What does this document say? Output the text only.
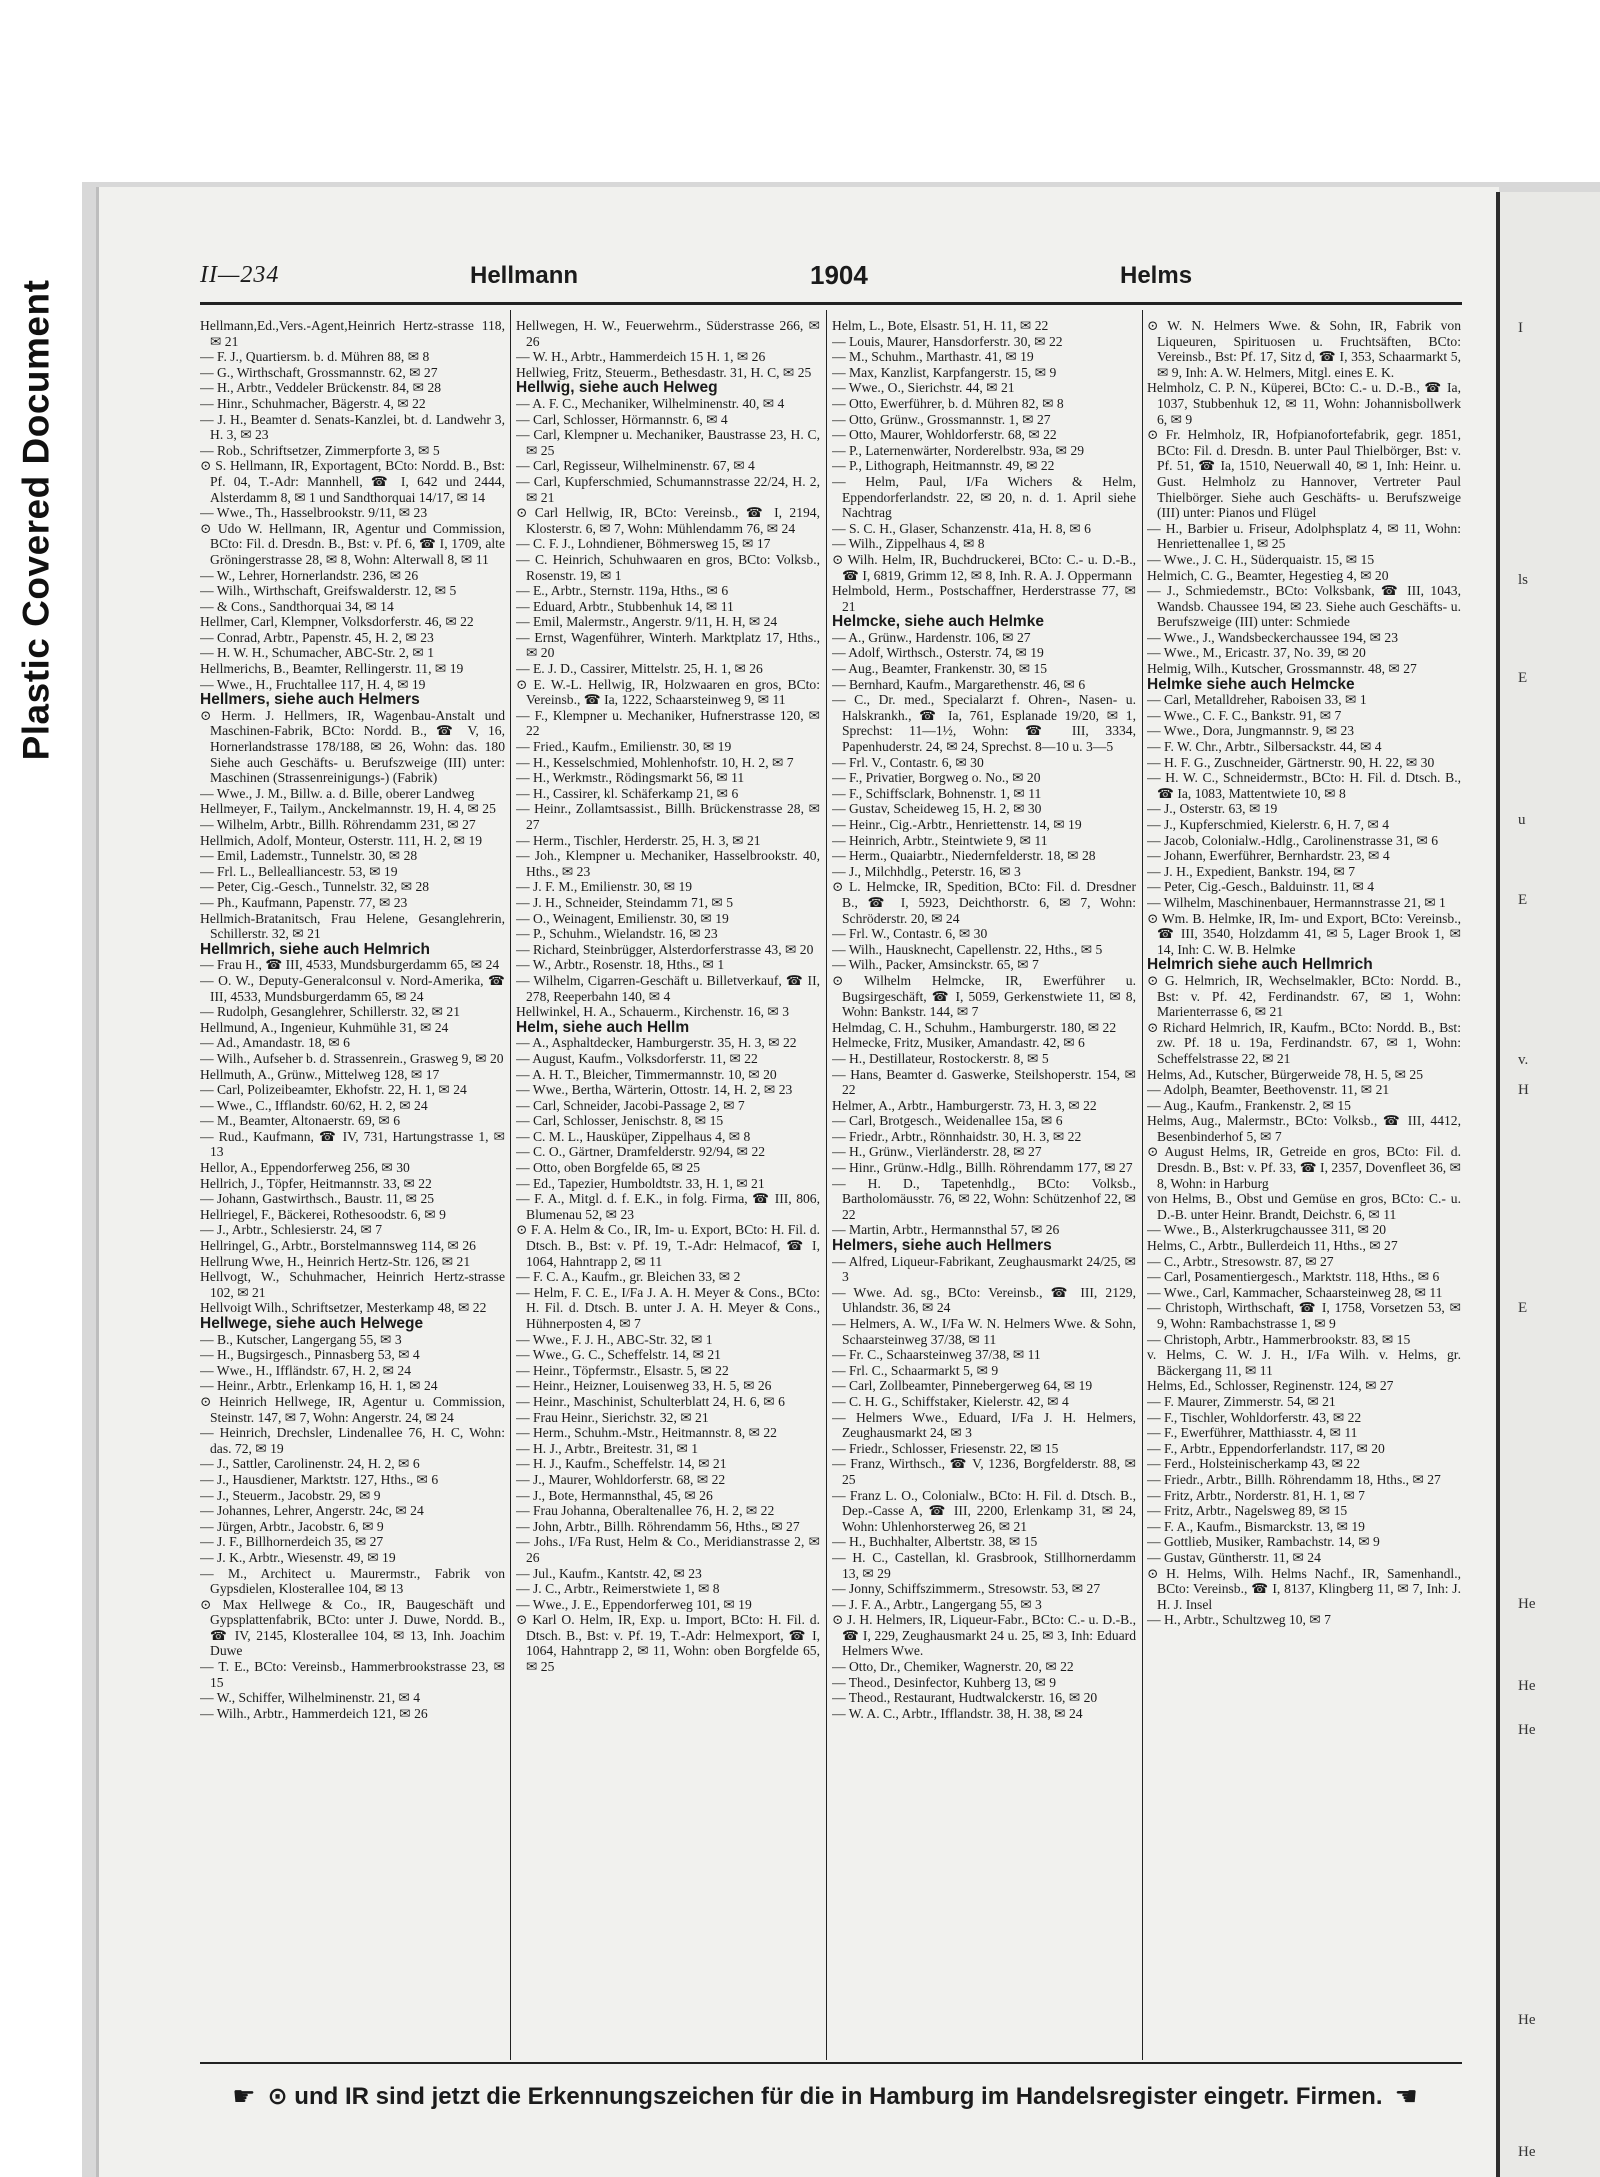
Plastic Covered Document	I
ls
E
u
E
v.
H
E
He
He
He
He
He
II—234	Hellmann	1904	Helms

Hellmann,Ed.,Vers.-Agent,Heinrich Hertz-strasse 118, ✉ 21

— F. J., Quartiersm. b. d. Mühren 88, ✉ 8

— G., Wirthschaft, Grossmannstr. 62, ✉ 27

— H., Arbtr., Veddeler Brückenstr. 84, ✉ 28

— Hinr., Schuhmacher, Bägerstr. 4, ✉ 22

— J. H., Beamter d. Senats-Kanzlei, bt. d. Landwehr 3, H. 3, ✉ 23

— Rob., Schriftsetzer, Zimmerpforte 3, ✉ 5

⊙ S. Hellmann, IR, Exportagent, BCto: Nordd. B., Bst: Pf. 04, T.-Adr: Mannhell, ☎ I, 642 und 2444, Alsterdamm 8, ✉ 1 und Sandthorquai 14/17, ✉ 14

— Wwe., Th., Hasselbrookstr. 9/11, ✉ 23

⊙ Udo W. Hellmann, IR, Agentur und Commission, BCto: Fil. d. Dresdn. B., Bst: v. Pf. 6, ☎ I, 1709, alte Gröningerstrasse 28, ✉ 8, Wohn: Alterwall 8, ✉ 11

— W., Lehrer, Hornerlandstr. 236, ✉ 26

— Wilh., Wirthschaft, Greifswalderstr. 12, ✉ 5

— & Cons., Sandthorquai 34, ✉ 14

Hellmer, Carl, Klempner, Volksdorferstr. 46, ✉ 22

— Conrad, Arbtr., Papenstr. 45, H. 2, ✉ 23

— H. W. H., Schumacher, ABC-Str. 2, ✉ 1

Hellmerichs, B., Beamter, Rellingerstr. 11, ✉ 19

— Wwe., H., Fruchtallee 117, H. 4, ✉ 19

Hellmers, siehe auch Helmers

⊙ Herm. J. Hellmers, IR, Wagenbau-Anstalt und Maschinen-Fabrik, BCto: Nordd. B., ☎ V, 16, Hornerlandstrasse 178/188, ✉ 26, Wohn: das. 180 Siehe auch Geschäfts- u. Berufszweige (III) unter: Maschinen (Strassenreinigungs-) (Fabrik)

— Wwe., J. M., Billw. a. d. Bille, oberer Landweg

Hellmeyer, F., Tailym., Anckelmannstr. 19, H. 4, ✉ 25

— Wilhelm, Arbtr., Billh. Röhrendamm 231, ✉ 27

Hellmich, Adolf, Monteur, Osterstr. 111, H. 2, ✉ 19

— Emil, Lademstr., Tunnelstr. 30, ✉ 28

— Frl. L., Bellealliancestr. 53, ✉ 19

— Peter, Cig.-Gesch., Tunnelstr. 32, ✉ 28

— Ph., Kaufmann, Papenstr. 77, ✉ 23

Hellmich-Bratanitsch, Frau Helene, Gesanglehrerin, Schillerstr. 32, ✉ 21

Hellmrich, siehe auch Helmrich

— Frau H., ☎ III, 4533, Mundsburgerdamm 65, ✉ 24

— O. W., Deputy-Generalconsul v. Nord-Amerika, ☎ III, 4533, Mundsburgerdamm 65, ✉ 24

— Rudolph, Gesanglehrer, Schillerstr. 32, ✉ 21

Hellmund, A., Ingenieur, Kuhmühle 31, ✉ 24

— Ad., Amandastr. 18, ✉ 6

— Wilh., Aufseher b. d. Strassenrein., Grasweg 9, ✉ 20

Hellmuth, A., Grünw., Mittelweg 128, ✉ 17

— Carl, Polizeibeamter, Ekhofstr. 22, H. 1, ✉ 24

— Wwe., C., Ifflandstr. 60/62, H. 2, ✉ 24

— M., Beamter, Altonaerstr. 69, ✉ 6

— Rud., Kaufmann, ☎ IV, 731, Hartungstrasse 1, ✉ 13

Hellor, A., Eppendorferweg 256, ✉ 30

Hellrich, J., Töpfer, Heitmannstr. 33, ✉ 22

— Johann, Gastwirthsch., Baustr. 11, ✉ 25

Hellriegel, F., Bäckerei, Rothesoodstr. 6, ✉ 9

— J., Arbtr., Schlesierstr. 24, ✉ 7

Hellringel, G., Arbtr., Borstelmannsweg 114, ✉ 26

Hellrung Wwe, H., Heinrich Hertz-Str. 126, ✉ 21

Hellvogt, W., Schuhmacher, Heinrich Hertz-strasse 102, ✉ 21

Hellvoigt Wilh., Schriftsetzer, Mesterkamp 48, ✉ 22

Hellwege, siehe auch Helwege

— B., Kutscher, Langergang 55, ✉ 3

— H., Bugsirgesch., Pinnasberg 53, ✉ 4

— Wwe., H., Iffländstr. 67, H. 2, ✉ 24

— Heinr., Arbtr., Erlenkamp 16, H. 1, ✉ 24

⊙ Heinrich Hellwege, IR, Agentur u. Commission, Steinstr. 147, ✉ 7, Wohn: Angerstr. 24, ✉ 24

— Heinrich, Drechsler, Lindenallee 76, H. C, Wohn: das. 72, ✉ 19

— J., Sattler, Carolinenstr. 24, H. 2, ✉ 6

— J., Hausdiener, Marktstr. 127, Hths., ✉ 6

— J., Steuerm., Jacobstr. 29, ✉ 9

— Johannes, Lehrer, Angerstr. 24c, ✉ 24

— Jürgen, Arbtr., Jacobstr. 6, ✉ 9

— J. F., Billhornerdeich 35, ✉ 27

— J. K., Arbtr., Wiesenstr. 49, ✉ 19

— M., Architect u. Maurermstr., Fabrik von Gypsdielen, Klosterallee 104, ✉ 13

⊙ Max Hellwege & Co., IR, Baugeschäft und Gypsplattenfabrik, BCto: unter J. Duwe, Nordd. B., ☎ IV, 2145, Klosterallee 104, ✉ 13, Inh. Joachim Duwe

— T. E., BCto: Vereinsb., Hammerbrookstrasse 23, ✉ 15

— W., Schiffer, Wilhelminenstr. 21, ✉ 4

— Wilh., Arbtr., Hammerdeich 121, ✉ 26

Hellwegen, H. W., Feuerwehrm., Süderstrasse 266, ✉ 26

— W. H., Arbtr., Hammerdeich 15 H. 1, ✉ 26

Hellwieg, Fritz, Steuerm., Bethesdastr. 31, H. C, ✉ 25

Hellwig, siehe auch Helweg

— A. F. C., Mechaniker, Wilhelminenstr. 40, ✉ 4

— Carl, Schlosser, Hörmannstr. 6, ✉ 4

— Carl, Klempner u. Mechaniker, Baustrasse 23, H. C, ✉ 25

— Carl, Regisseur, Wilhelminenstr. 67, ✉ 4

— Carl, Kupferschmied, Schumannstrasse 22/24, H. 2, ✉ 21

⊙ Carl Hellwig, IR, BCto: Vereinsb., ☎ I, 2194, Klosterstr. 6, ✉ 7, Wohn: Mühlendamm 76, ✉ 24

— C. F. J., Lohndiener, Böhmersweg 15, ✉ 17

— C. Heinrich, Schuhwaaren en gros, BCto: Volksb., Rosenstr. 19, ✉ 1

— E., Arbtr., Sternstr. 119a, Hths., ✉ 6

— Eduard, Arbtr., Stubbenhuk 14, ✉ 11

— Emil, Malermstr., Angerstr. 9/11, H. H, ✉ 24

— Ernst, Wagenführer, Winterh. Marktplatz 17, Hths., ✉ 20

— E. J. D., Cassirer, Mittelstr. 25, H. 1, ✉ 26

⊙ E. W.-L. Hellwig, IR, Holzwaaren en gros, BCto: Vereinsb., ☎ Ia, 1222, Schaarsteinweg 9, ✉ 11

— F., Klempner u. Mechaniker, Hufnerstrasse 120, ✉ 22

— Fried., Kaufm., Emilienstr. 30, ✉ 19

— H., Kesselschmied, Mohlenhofstr. 10, H. 2, ✉ 7

— H., Werkmstr., Rödingsmarkt 56, ✉ 11

— H., Cassirer, kl. Schäferkamp 21, ✉ 6

— Heinr., Zollamtsassist., Billh. Brückenstrasse 28, ✉ 27

— Herm., Tischler, Herderstr. 25, H. 3, ✉ 21

— Joh., Klempner u. Mechaniker, Hasselbrookstr. 40, Hths., ✉ 23

— J. F. M., Emilienstr. 30, ✉ 19

— J. H., Schneider, Steindamm 71, ✉ 5

— O., Weinagent, Emilienstr. 30, ✉ 19

— P., Schuhm., Wielandstr. 16, ✉ 23

— Richard, Steinbrügger, Alsterdorferstrasse 43, ✉ 20

— W., Arbtr., Rosenstr. 18, Hths., ✉ 1

— Wilhelm, Cigarren-Geschäft u. Billetverkauf, ☎ II, 278, Reeperbahn 140, ✉ 4

Hellwinkel, H. A., Schauerm., Kirchenstr. 16, ✉ 3

Helm, siehe auch Hellm

— A., Asphaltdecker, Hamburgerstr. 35, H. 3, ✉ 22

— August, Kaufm., Volksdorferstr. 11, ✉ 22

— A. H. T., Bleicher, Timmermannstr. 10, ✉ 20

— Wwe., Bertha, Wärterin, Ottostr. 14, H. 2, ✉ 23

— Carl, Schneider, Jacobi-Passage 2, ✉ 7

— Carl, Schlosser, Jenischstr. 8, ✉ 15

— C. M. L., Hausküper, Zippelhaus 4, ✉ 8

— C. O., Gärtner, Dramfelderstr. 92/94, ✉ 22

— Otto, oben Borgfelde 65, ✉ 25

— Ed., Tapezier, Humboldtstr. 33, H. 1, ✉ 21

— F. A., Mitgl. d. f. E.K., in folg. Firma, ☎ III, 806, Blumenau 52, ✉ 23

⊙ F. A. Helm & Co., IR, Im- u. Export, BCto: H. Fil. d. Dtsch. B., Bst: v. Pf. 19, T.-Adr: Helmacof, ☎ I, 1064, Hahntrapp 2, ✉ 11

— F. C. A., Kaufm., gr. Bleichen 33, ✉ 2

— Helm, F. C. E., I/Fa J. A. H. Meyer & Cons., BCto: H. Fil. d. Dtsch. B. unter J. A. H. Meyer & Cons., Hühnerposten 4, ✉ 7

— Wwe., F. J. H., ABC-Str. 32, ✉ 1

— Wwe., G. C., Scheffelstr. 14, ✉ 21

— Heinr., Töpfermstr., Elsastr. 5, ✉ 22

— Heinr., Heizner, Louisenweg 33, H. 5, ✉ 26

— Heinr., Maschinist, Schulterblatt 24, H. 6, ✉ 6

— Frau Heinr., Sierichstr. 32, ✉ 21

— Herm., Schuhm.-Mstr., Heitmannstr. 8, ✉ 22

— H. J., Arbtr., Breitestr. 31, ✉ 1

— H. J., Kaufm., Scheffelstr. 14, ✉ 21

— J., Maurer, Wohldorferstr. 68, ✉ 22

— J., Bote, Hermannsthal, 45, ✉ 26

— Frau Johanna, Oberaltenallee 76, H. 2, ✉ 22

— John, Arbtr., Billh. Röhrendamm 56, Hths., ✉ 27

— Johs., I/Fa Rust, Helm & Co., Meridianstrasse 2, ✉ 26

— Jul., Kaufm., Kantstr. 42, ✉ 23

— J. C., Arbtr., Reimerstwiete 1, ✉ 8

— Wwe., J. E., Eppendorferweg 101, ✉ 19

⊙ Karl O. Helm, IR, Exp. u. Import, BCto: H. Fil. d. Dtsch. B., Bst: v. Pf. 19, T.-Adr: Helmexport, ☎ I, 1064, Hahntrapp 2, ✉ 11, Wohn: oben Borgfelde 65, ✉ 25

Helm, L., Bote, Elsastr. 51, H. 11, ✉ 22

— Louis, Maurer, Hansdorferstr. 30, ✉ 22

— M., Schuhm., Marthastr. 41, ✉ 19

— Max, Kanzlist, Karpfangerstr. 15, ✉ 9

— Wwe., O., Sierichstr. 44, ✉ 21

— Otto, Ewerführer, b. d. Mühren 82, ✉ 8

— Otto, Grünw., Grossmannstr. 1, ✉ 27

— Otto, Maurer, Wohldorferstr. 68, ✉ 22

— P., Laternenwärter, Norderelbstr. 93a, ✉ 29

— P., Lithograph, Heitmannstr. 49, ✉ 22

— Helm, Paul, I/Fa Wichers & Helm, Eppendorferlandstr. 22, ✉ 20, n. d. 1. April siehe Nachtrag

— S. C. H., Glaser, Schanzenstr. 41a, H. 8, ✉ 6

— Wilh., Zippelhaus 4, ✉ 8

⊙ Wilh. Helm, IR, Buchdruckerei, BCto: C.- u. D.-B., ☎ I, 6819, Grimm 12, ✉ 8, Inh. R. A. J. Oppermann

Helmbold, Herm., Postschaffner, Herderstrasse 77, ✉ 21

Helmcke, siehe auch Helmke

— A., Grünw., Hardenstr. 106, ✉ 27

— Adolf, Wirthsch., Osterstr. 74, ✉ 19

— Aug., Beamter, Frankenstr. 30, ✉ 15

— Bernhard, Kaufm., Margarethenstr. 46, ✉ 6

— C., Dr. med., Specialarzt f. Ohren-, Nasen- u. Halskrankh., ☎ Ia, 761, Esplanade 19/20, ✉ 1, Sprechst: 11—1½, Wohn: ☎ III, 3334, Papenhuderstr. 24, ✉ 24, Sprechst. 8—10 u. 3—5

— Frl. V., Contastr. 6, ✉ 30

— F., Privatier, Borgweg o. No., ✉ 20

— F., Schiffsclark, Bohnenstr. 1, ✉ 11

— Gustav, Scheideweg 15, H. 2, ✉ 30

— Heinr., Cig.-Arbtr., Henriettenstr. 14, ✉ 19

— Heinrich, Arbtr., Steintwiete 9, ✉ 11

— Herm., Quaiarbtr., Niedernfelderstr. 18, ✉ 28

— J., Milchhdlg., Peterstr. 16, ✉ 3

⊙ L. Helmcke, IR, Spedition, BCto: Fil. d. Dresdner B., ☎ I, 5923, Deichthorstr. 6, ✉ 7, Wohn: Schröderstr. 20, ✉ 24

— Frl. W., Contastr. 6, ✉ 30

— Wilh., Hausknecht, Capellenstr. 22, Hths., ✉ 5

— Wilh., Packer, Amsinckstr. 65, ✉ 7

⊙ Wilhelm Helmcke, IR, Ewerführer u. Bugsirgeschäft, ☎ I, 5059, Gerkenstwiete 11, ✉ 8, Wohn: Bankstr. 144, ✉ 7

Helmdag, C. H., Schuhm., Hamburgerstr. 180, ✉ 22

Helmecke, Fritz, Musiker, Amandastr. 42, ✉ 6

— H., Destillateur, Rostockerstr. 8, ✉ 5

— Hans, Beamter d. Gaswerke, Steilshoperstr. 154, ✉ 22

Helmer, A., Arbtr., Hamburgerstr. 73, H. 3, ✉ 22

— Carl, Brotgesch., Weidenallee 15a, ✉ 6

— Friedr., Arbtr., Rönnhaidstr. 30, H. 3, ✉ 22

— H., Grünw., Vierländerstr. 28, ✉ 27

— Hinr., Grünw.-Hdlg., Billh. Röhrendamm 177, ✉ 27

— H. D., Tapetenhdlg., BCto: Volksb., Bartholomäusstr. 76, ✉ 22, Wohn: Schützenhof 22, ✉ 22

— Martin, Arbtr., Hermannsthal 57, ✉ 26

Helmers, siehe auch Hellmers

— Alfred, Liqueur-Fabrikant, Zeughausmarkt 24/25, ✉ 3

— Wwe. Ad. sg., BCto: Vereinsb., ☎ III, 2129, Uhlandstr. 36, ✉ 24

— Helmers, A. W., I/Fa W. N. Helmers Wwe. & Sohn, Schaarsteinweg 37/38, ✉ 11

— Fr. C., Schaarsteinweg 37/38, ✉ 11

— Frl. C., Schaarmarkt 5, ✉ 9

— Carl, Zollbeamter, Pinnebergerweg 64, ✉ 19

— C. H. G., Schiffstaker, Kielerstr. 42, ✉ 4

— Helmers Wwe., Eduard, I/Fa J. H. Helmers, Zeughausmarkt 24, ✉ 3

— Friedr., Schlosser, Friesenstr. 22, ✉ 15

— Franz, Wirthsch., ☎ V, 1236, Borgfelderstr. 88, ✉ 25

— Franz L. O., Colonialw., BCto: H. Fil. d. Dtsch. B., Dep.-Casse A, ☎ III, 2200, Erlenkamp 31, ✉ 24, Wohn: Uhlenhorsterweg 26, ✉ 21

— H., Buchhalter, Albertstr. 38, ✉ 15

— H. C., Castellan, kl. Grasbrook, Stillhornerdamm 13, ✉ 29

— Jonny, Schiffszimmerm., Stresowstr. 53, ✉ 27

— J. F. A., Arbtr., Langergang 55, ✉ 3

⊙ J. H. Helmers, IR, Liqueur-Fabr., BCto: C.- u. D.-B., ☎ I, 229, Zeughausmarkt 24 u. 25, ✉ 3, Inh: Eduard Helmers Wwe.

— Otto, Dr., Chemiker, Wagnerstr. 20, ✉ 22

— Theod., Desinfector, Kuhberg 13, ✉ 9

— Theod., Restaurant, Hudtwalckerstr. 16, ✉ 20

— W. A. C., Arbtr., Ifflandstr. 38, H. 38, ✉ 24

⊙ W. N. Helmers Wwe. & Sohn, IR, Fabrik von Liqueuren, Spirituosen u. Fruchtsäften, BCto: Vereinsb., Bst: Pf. 17, Sitz d, ☎ I, 353, Schaarmarkt 5, ✉ 9, Inh: A. W. Helmers, Mitgl. eines E. K.

Helmholz, C. P. N., Küperei, BCto: C.- u. D.-B., ☎ Ia, 1037, Stubbenhuk 12, ✉ 11, Wohn: Johannisbollwerk 6, ✉ 9

⊙ Fr. Helmholz, IR, Hofpianofortefabrik, gegr. 1851, BCto: Fil. d. Dresdn. B. unter Paul Thielbörger, Bst: v. Pf. 51, ☎ Ia, 1510, Neuerwall 40, ✉ 1, Inh: Heinr. u. Gust. Helmholz zu Hannover, Vertreter Paul Thielbörger. Siehe auch Geschäfts- u. Berufszweige (III) unter: Pianos und Flügel

— H., Barbier u. Friseur, Adolphsplatz 4, ✉ 11, Wohn: Henriettenallee 1, ✉ 25

— Wwe., J. C. H., Süderquaistr. 15, ✉ 15

Helmich, C. G., Beamter, Hegestieg 4, ✉ 20

— J., Schmiedemstr., BCto: Volksbank, ☎ III, 1043, Wandsb. Chaussee 194, ✉ 23. Siehe auch Geschäfts- u. Berufszweige (III) unter: Schmiede

— Wwe., J., Wandsbeckerchaussee 194, ✉ 23

— Wwe., M., Ericastr. 37, No. 39, ✉ 20

Helmig, Wilh., Kutscher, Grossmannstr. 48, ✉ 27

Helmke siehe auch Helmcke

— Carl, Metalldreher, Raboisen 33, ✉ 1

— Wwe., C. F. C., Bankstr. 91, ✉ 7

— Wwe., Dora, Jungmannstr. 9, ✉ 23

— F. W. Chr., Arbtr., Silbersackstr. 44, ✉ 4

— H. F. G., Zuschneider, Gärtnerstr. 90, H. 22, ✉ 30

— H. W. C., Schneidermstr., BCto: H. Fil. d. Dtsch. B., ☎ Ia, 1083, Mattentwiete 10, ✉ 8

— J., Osterstr. 63, ✉ 19

— J., Kupferschmied, Kielerstr. 6, H. 7, ✉ 4

— Jacob, Colonialw.-Hdlg., Carolinenstrasse 31, ✉ 6

— Johann, Ewerführer, Bernhardstr. 23, ✉ 4

— J. H., Expedient, Bankstr. 194, ✉ 7

— Peter, Cig.-Gesch., Balduinstr. 11, ✉ 4

— Wilhelm, Maschinenbauer, Hermannstrasse 21, ✉ 1

⊙ Wm. B. Helmke, IR, Im- und Export, BCto: Vereinsb., ☎ III, 3540, Holzdamm 41, ✉ 5, Lager Brook 1, ✉ 14, Inh: C. W. B. Helmke

Helmrich siehe auch Hellmrich

⊙ G. Helmrich, IR, Wechselmakler, BCto: Nordd. B., Bst: v. Pf. 42, Ferdinandstr. 67, ✉ 1, Wohn: Marienterrasse 6, ✉ 21

⊙ Richard Helmrich, IR, Kaufm., BCto: Nordd. B., Bst: zw. Pf. 18 u. 19a, Ferdinandstr. 67, ✉ 1, Wohn: Scheffelstrasse 22, ✉ 21

Helms, Ad., Kutscher, Bürgerweide 78, H. 5, ✉ 25

— Adolph, Beamter, Beethovenstr. 11, ✉ 21

— Aug., Kaufm., Frankenstr. 2, ✉ 15

Helms, Aug., Malermstr., BCto: Volksb., ☎ III, 4412, Besenbinderhof 5, ✉ 7

⊙ August Helms, IR, Getreide en gros, BCto: Fil. d. Dresdn. B., Bst: v. Pf. 33, ☎ I, 2357, Dovenfleet 36, ✉ 8, Wohn: in Harburg

von Helms, B., Obst und Gemüse en gros, BCto: C.- u. D.-B. unter Heinr. Brandt, Deichstr. 6, ✉ 11

— Wwe., B., Alsterkrugchaussee 311, ✉ 20

Helms, C., Arbtr., Bullerdeich 11, Hths., ✉ 27

— C., Arbtr., Stresowstr. 87, ✉ 27

— Carl, Posamentiergesch., Marktstr. 118, Hths., ✉ 6

— Wwe., Carl, Kammacher, Schaarsteinweg 28, ✉ 11

— Christoph, Wirthschaft, ☎ I, 1758, Vorsetzen 53, ✉ 9, Wohn: Rambachstrasse 1, ✉ 9

— Christoph, Arbtr., Hammerbrookstr. 83, ✉ 15

v. Helms, C. W. J. H., I/Fa Wilh. v. Helms, gr. Bäckergang 11, ✉ 11

Helms, Ed., Schlosser, Reginenstr. 124, ✉ 27

— F. Maurer, Zimmerstr. 54, ✉ 21

— F., Tischler, Wohldorferstr. 43, ✉ 22

— F., Ewerführer, Matthiasstr. 4, ✉ 11

— F., Arbtr., Eppendorferlandstr. 117, ✉ 20

— Ferd., Holsteinischerkamp 43, ✉ 22

— Friedr., Arbtr., Billh. Röhrendamm 18, Hths., ✉ 27

— Fritz, Arbtr., Norderstr. 81, H. 1, ✉ 7

— Fritz, Arbtr., Nagelsweg 89, ✉ 15

— F. A., Kaufm., Bismarckstr. 13, ✉ 19

— Gottlieb, Musiker, Rambachstr. 14, ✉ 9

— Gustav, Güntherstr. 11, ✉ 24

⊙ H. Helms, Wilh. Helms Nachf., IR, Samenhandl., BCto: Vereinsb., ☎ I, 8137, Klingberg 11, ✉ 7, Inh: J. H. J. Insel

— H., Arbtr., Schultzweg 10, ✉ 7

☛ ⊙ und IR sind jetzt die Erkennungszeichen für die in Hamburg im Handelsregister eingetr. Firmen. ☚
